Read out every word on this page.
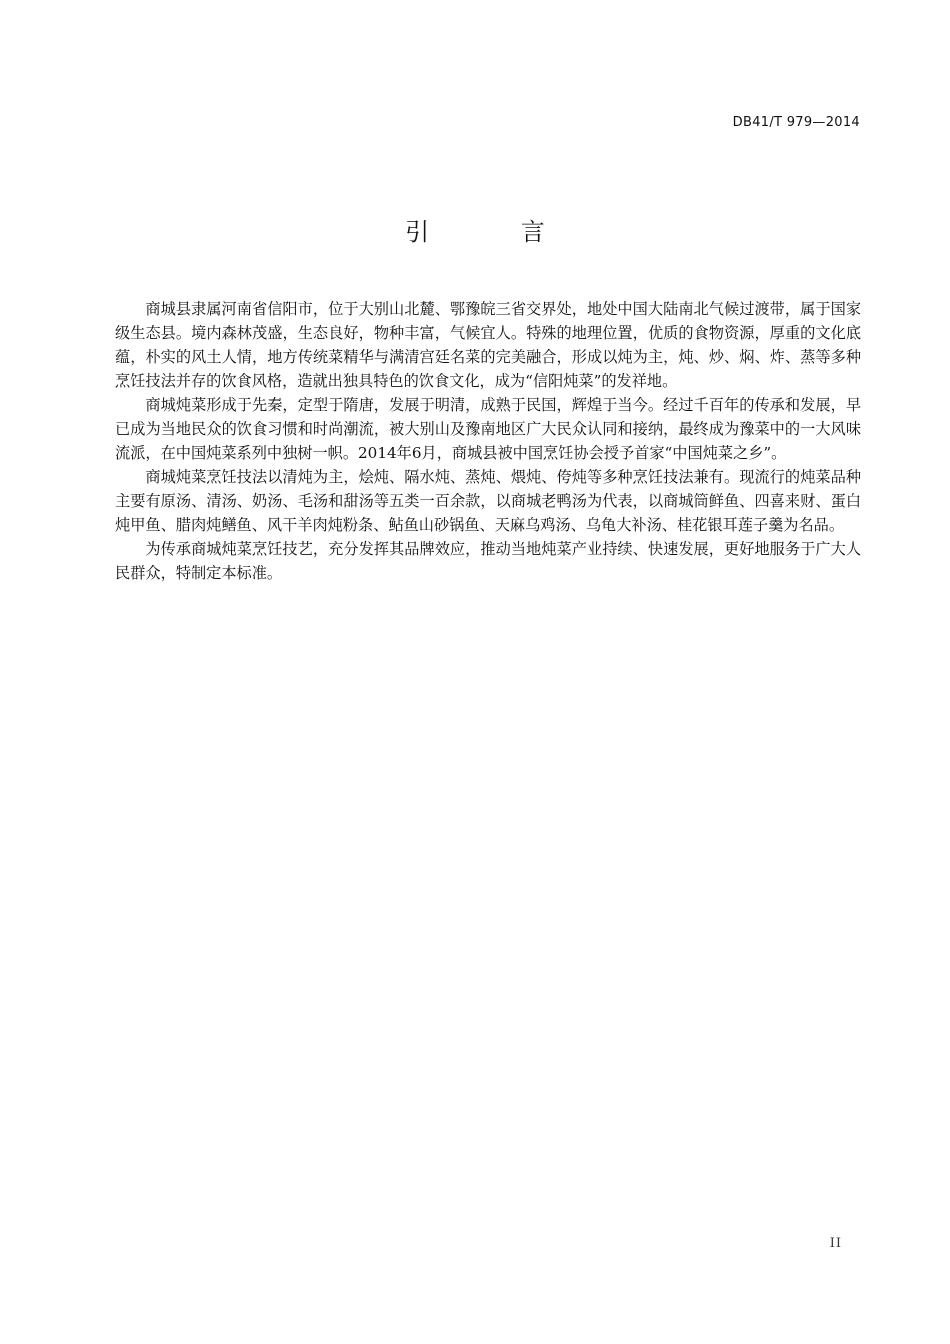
DB41/T 979—2014
引 言

商城县隶属河南省信阳市，位于大别山北麓、鄂豫皖三省交界处，地处中国大陆南北气候过渡带，属于国家级生态县。境内森林茂盛，生态良好，物种丰富，气候宜人。特殊的地理位置，优质的食物资源，厚重的文化底蕴，朴实的风土人情，地方传统菜精华与满清宫廷名菜的完美融合，形成以炖为主，炖、炒、焖、炸、蒸等多种烹饪技法并存的饮食风格，造就出独具特色的饮食文化，成为“信阳炖菜”的发祥地。

商城炖菜形成于先秦，定型于隋唐，发展于明清，成熟于民国，辉煌于当今。经过千百年的传承和发展，早已成为当地民众的饮食习惯和时尚潮流，被大别山及豫南地区广大民众认同和接纳，最终成为豫菜中的一大风味流派，在中国炖菜系列中独树一帜。2014年6月，商城县被中国烹饪协会授予首家“中国炖菜之乡”。

商城炖菜烹饪技法以清炖为主，烩炖、隔水炖、蒸炖、煨炖、侉炖等多种烹饪技法兼有。现流行的炖菜品种主要有原汤、清汤、奶汤、毛汤和甜汤等五类一百余款，以商城老鸭汤为代表，以商城筒鲜鱼、四喜来财、蛋白炖甲鱼、腊肉炖鳝鱼、风干羊肉炖粉条、鲇鱼山砂锅鱼、天麻乌鸡汤、乌龟大补汤、桂花银耳莲子羹为名品。

为传承商城炖菜烹饪技艺，充分发挥其品牌效应，推动当地炖菜产业持续、快速发展，更好地服务于广大人民群众，特制定本标准。

II
